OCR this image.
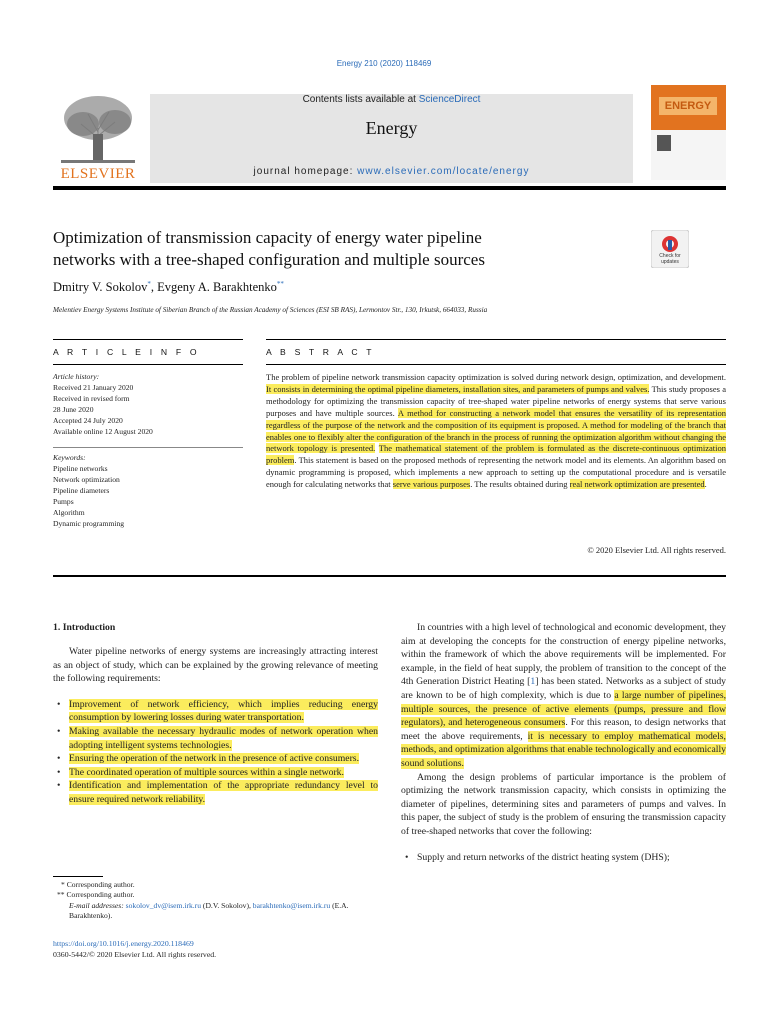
Energy 210 (2020) 118469
ELSEVIER
Contents lists available at ScienceDirect
Energy
journal homepage: www.elsevier.com/locate/energy
ENERGY
Optimization of transmission capacity of energy water pipeline
networks with a tree-shaped configuration and multiple sources	Check for updates
Dmitry V. Sokolov*, Evgeny A. Barakhtenko**
Melentiev Energy Systems Institute of Siberian Branch of the Russian Academy of Sciences (ESI SB RAS), Lermontov Str., 130, Irkutsk, 664033, Russia
A R T I C L E I N F O	A B S T R A C T
Article history:
Received 21 January 2020
Received in revised form
28 June 2020
Accepted 24 July 2020
Available online 12 August 2020
Keywords:
Pipeline networks
Network optimization
Pipeline diameters
Pumps
Algorithm
Dynamic programming
The problem of pipeline network transmission capacity optimization is solved during network design, optimization, and development. It consists in determining the optimal pipeline diameters, installation sites, and parameters of pumps and valves. This study proposes a methodology for optimizing the transmission capacity of tree-shaped water pipeline networks of energy systems that serve various purposes and have multiple sources. A method for constructing a network model that ensures the versatility of its representation regardless of the purpose of the network and the composition of its equipment is proposed. A method for modeling of the branch that enables one to flexibly alter the configuration of the branch in the process of running the optimization algorithm without changing the network topology is presented. The mathematical statement of the problem is formulated as the discrete-continuous optimization problem. This statement is based on the proposed methods of representing the network model and its elements. An algorithm based on dynamic programming is proposed, which implements a new approach to setting up the computational procedure and is versatile enough for calculating networks that serve various purposes. The results obtained during real network optimization are presented.
© 2020 Elsevier Ltd. All rights reserved.
1. Introduction

Water pipeline networks of energy systems are increasingly attracting interest as an object of study, which can be explained by the growing relevance of meeting the following requirements:

• Improvement of network efficiency, which implies reducing energy consumption by lowering losses during water transportation.
• Making available the necessary hydraulic modes of network operation when adopting intelligent systems technologies.
• Ensuring the operation of the network in the presence of active consumers.
• The coordinated operation of multiple sources within a single network.
• Identification and implementation of the appropriate redundancy level to ensure required network reliability.

In countries with a high level of technological and economic development, they aim at developing the concepts for the construction of energy pipeline networks, within the framework of which the above requirements will be implemented. For example, in the field of heat supply, the problem of transition to the concept of the 4th Generation District Heating [1] has been stated. Networks as a subject of study are known to be of high complexity, which is due to a large number of pipelines, multiple sources, the presence of active elements (pumps, pressure and flow regulators), and heterogeneous consumers. For this reason, to design networks that meet the above requirements, it is necessary to employ mathematical models, methods, and optimization algorithms that enable technologically and economically sound solutions.

Among the design problems of particular importance is the problem of optimizing the network transmission capacity, which consists in optimizing the diameter of pipelines, determining sites and parameters of pumps and valves. In this paper, the subject of study is the problem of ensuring the transmission capacity of tree-shaped networks that cover the following:

• Supply and return networks of the district heating system (DHS);
* Corresponding author.
** Corresponding author.
E-mail addresses: sokolov_dv@isem.irk.ru (D.V. Sokolov), barakhtenko@isem.irk.ru (E.A. Barakhtenko).
https://doi.org/10.1016/j.energy.2020.118469
0360-5442/© 2020 Elsevier Ltd. All rights reserved.
